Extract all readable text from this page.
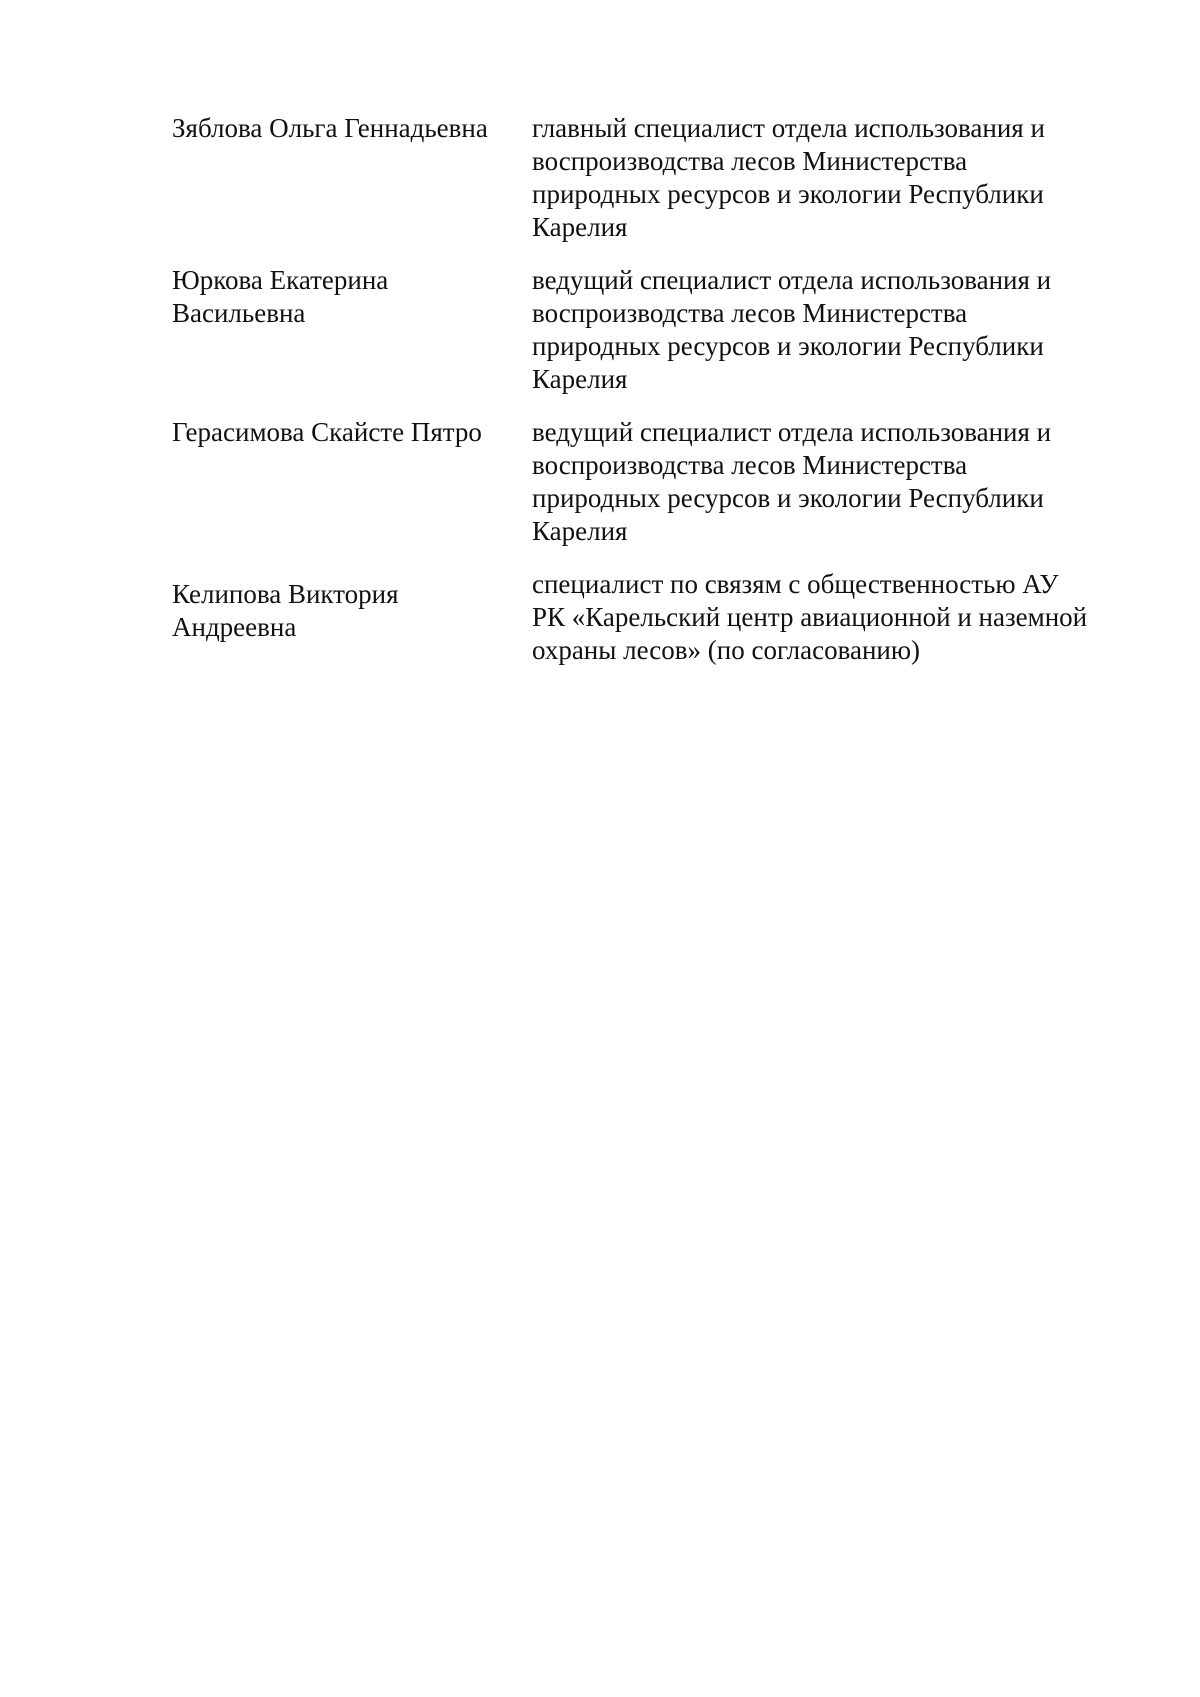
Зяблова Ольга Геннадьевна	главный специалист отдела использования и
воспроизводства лесов Министерства
природных ресурсов и экологии Республики
Карелия
Юркова Екатерина
Васильевна
ведущий специалист отдела использования и
воспроизводства лесов Министерства
природных ресурсов и экологии Республики
Карелия
Герасимова Скайсте Пятро	ведущий специалист отдела использования и
воспроизводства лесов Министерства
природных ресурсов и экологии Республики
Карелия
Келипова Виктория
Андреевна
специалист по связям с общественностью АУ
РК «Карельский центр авиационной и наземной
охраны лесов» (по согласованию)
